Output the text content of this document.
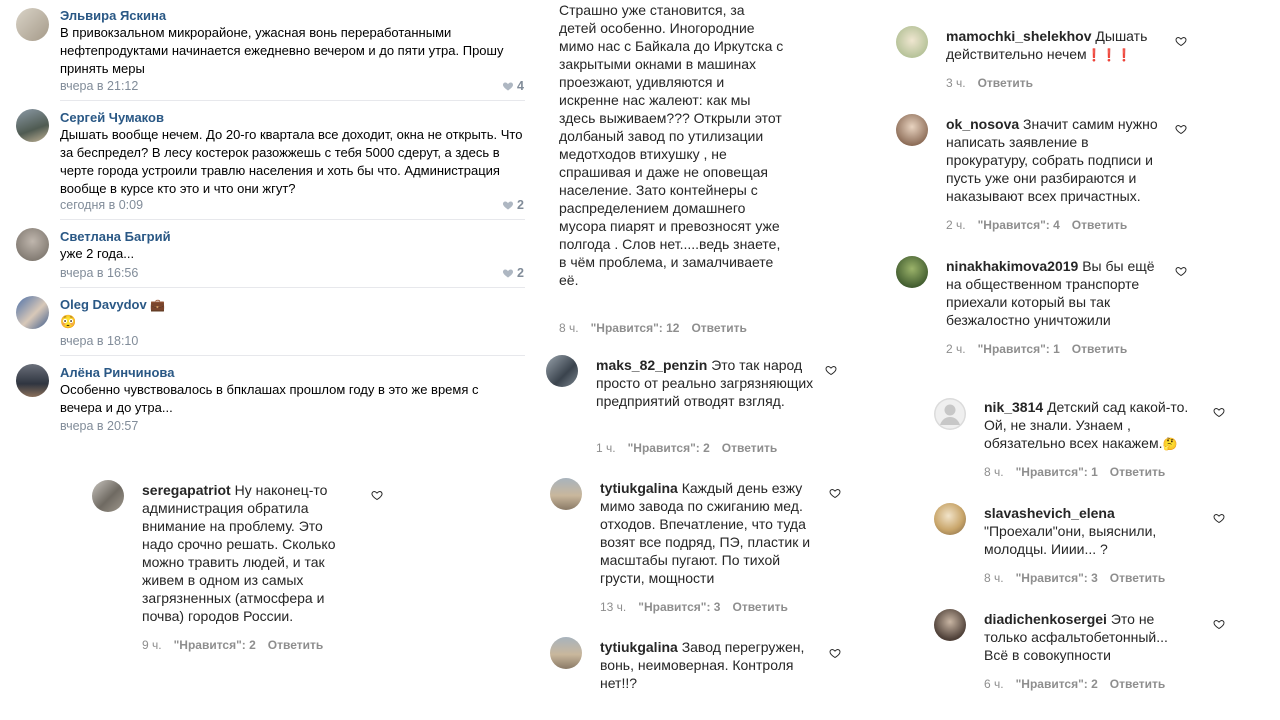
Эльвира Яскина
В привокзальном микрорайоне, ужасная вонь переработанными нефтепродуктами начинается ежедневно вечером и до пяти утра. Прошу принять меры
вчера в 21:12	4
Сергей Чумаков
Дышать вообще нечем. До 20-го квартала все доходит, окна не открыть. Что за беспредел? В лесу костерок разожжешь с тебя 5000 сдерут, а здесь в черте города устроили травлю населения и хоть бы что. Администрация вообще в курсе кто это и что они жгут?
сегодня в 0:09	2
Светлана Багрий
уже 2 года...
вчера в 16:56	2
Oleg Davydov 💼
😳
вчера в 18:10
Алёна Ринчинова
Особенно чувствовалось в бпклашах прошлом году в это же время с вечера и до утра...
вчера в 20:57
seregapatriot Ну наконец-то администрация обратила внимание на проблему. Это надо срочно решать. Сколько можно травить людей, и так живем в одном из самых загрязненных (атмосфера и почва) городов России.
9 ч. "Нравится": 2 Ответить
Страшно уже становится, за детей особенно. Иногородние мимо нас с Байкала до Иркутска с закрытыми окнами в машинах проезжают, удивляются и искренне нас жалеют: как мы здесь выживаем??? Открыли этот долбаный завод по утилизации медотходов втихушку , не спрашивая и даже не оповещая население. Зато контейнеры с распределением домашнего мусора пиарят и превозносят уже полгода . Слов нет.....ведь знаете, в чём проблема, и замалчиваете её.
8 ч. "Нравится": 12 Ответить
maks_82_penzin Это так народ просто от реально загрязняющих предприятий отводят взгляд.
1 ч. "Нравится": 2 Ответить
tytiukgalina Каждый день езжу мимо завода по сжиганию мед. отходов. Впечатление, что туда возят все подряд, ПЭ, пластик и масштабы пугают. По тихой грусти, мощности
13 ч. "Нравится": 3 Ответить
tytiukgalina Завод перегружен, вонь, неимоверная. Контроля нет!!?
mamochki_shelekhov Дышать действительно нечем❗❗❗
3 ч. Ответить
ok_nosova Значит самим нужно написать заявление в прокуратуру, собрать подписи и пусть уже они разбираются и наказывают всех причастных.
2 ч. "Нравится": 4 Ответить
ninakhakimova2019 Вы бы ещё на общественном транспорте приехали который вы так безжалостно уничтожили
2 ч. "Нравится": 1 Ответить
nik_3814 Детский сад какой-то. Ой, не знали. Узнаем , обязательно всех накажем.🤔
8 ч. "Нравится": 1 Ответить
slavashevich_elena "Проехали"они, выяснили, молодцы. Ииии... ?
8 ч. "Нравится": 3 Ответить
diadichenkosergei Это не только асфальтобетонный... Всё в совокупности
6 ч. "Нравится": 2 Ответить
